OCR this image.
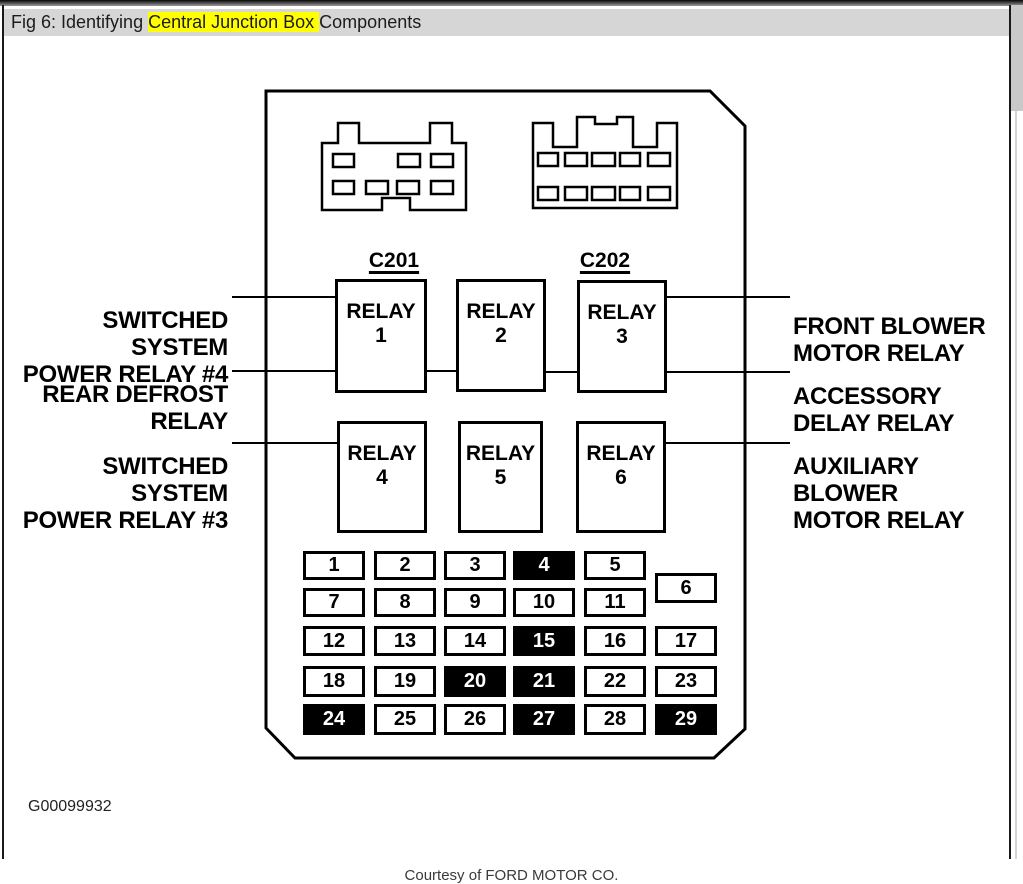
Fig 6: Identifying Central Junction Box Components
G00099932
Courtesy of FORD MOTOR CO.
C201	C202
RELAY
1
RELAY
2
RELAY
3
RELAY
4
RELAY
5
RELAY
6
1	2	3	4	5
6
7	8	9	10	11
12	13	14	15	16	17
18	19	20	21	22	23
24	25	26	27	28	29
SWITCHED SYSTEM
POWER RELAY #4
REAR DEFROST
RELAY
SWITCHED SYSTEM
POWER RELAY #3
FRONT BLOWER
MOTOR RELAY
ACCESSORY
DELAY RELAY
AUXILIARY BLOWER
MOTOR RELAY
